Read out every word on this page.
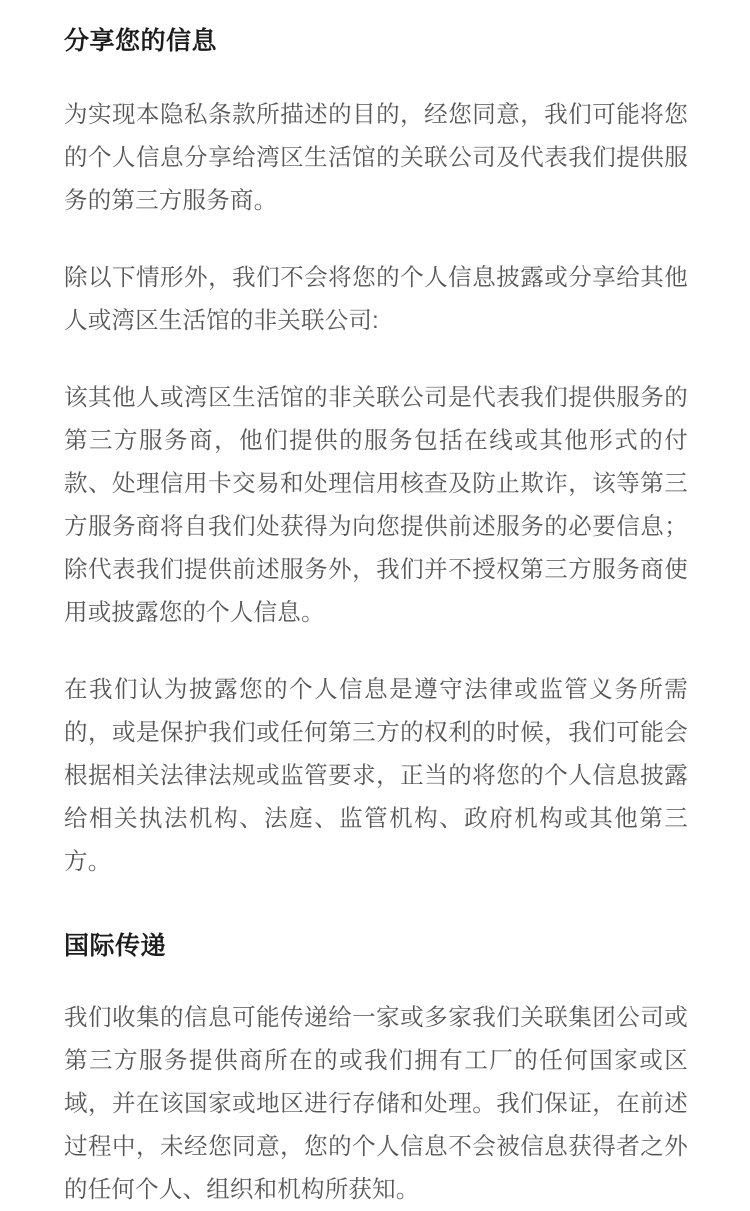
分享您的信息

为实现本隐私条款所描述的目的，经您同意，我们可能将您的个人信息分享给湾区生活馆的关联公司及代表我们提供服务的第三方服务商。

除以下情形外，我们不会将您的个人信息披露或分享给其他人或湾区生活馆的非关联公司:

该其他人或湾区生活馆的非关联公司是代表我们提供服务的第三方服务商，他们提供的服务包括在线或其他形式的付款、处理信用卡交易和处理信用核查及防止欺诈，该等第三方服务商将自我们处获得为向您提供前述服务的必要信息；除代表我们提供前述服务外，我们并不授权第三方服务商使用或披露您的个人信息。

在我们认为披露您的个人信息是遵守法律或监管义务所需的，或是保护我们或任何第三方的权利的时候，我们可能会根据相关法律法规或监管要求，正当的将您的个人信息披露给相关执法机构、法庭、监管机构、政府机构或其他第三方。

国际传递

我们收集的信息可能传递给一家或多家我们关联集团公司或第三方服务提供商所在的或我们拥有工厂的任何国家或区域，并在该国家或地区进行存储和处理。我们保证，在前述过程中，未经您同意，您的个人信息不会被信息获得者之外的任何个人、组织和机构所获知。
